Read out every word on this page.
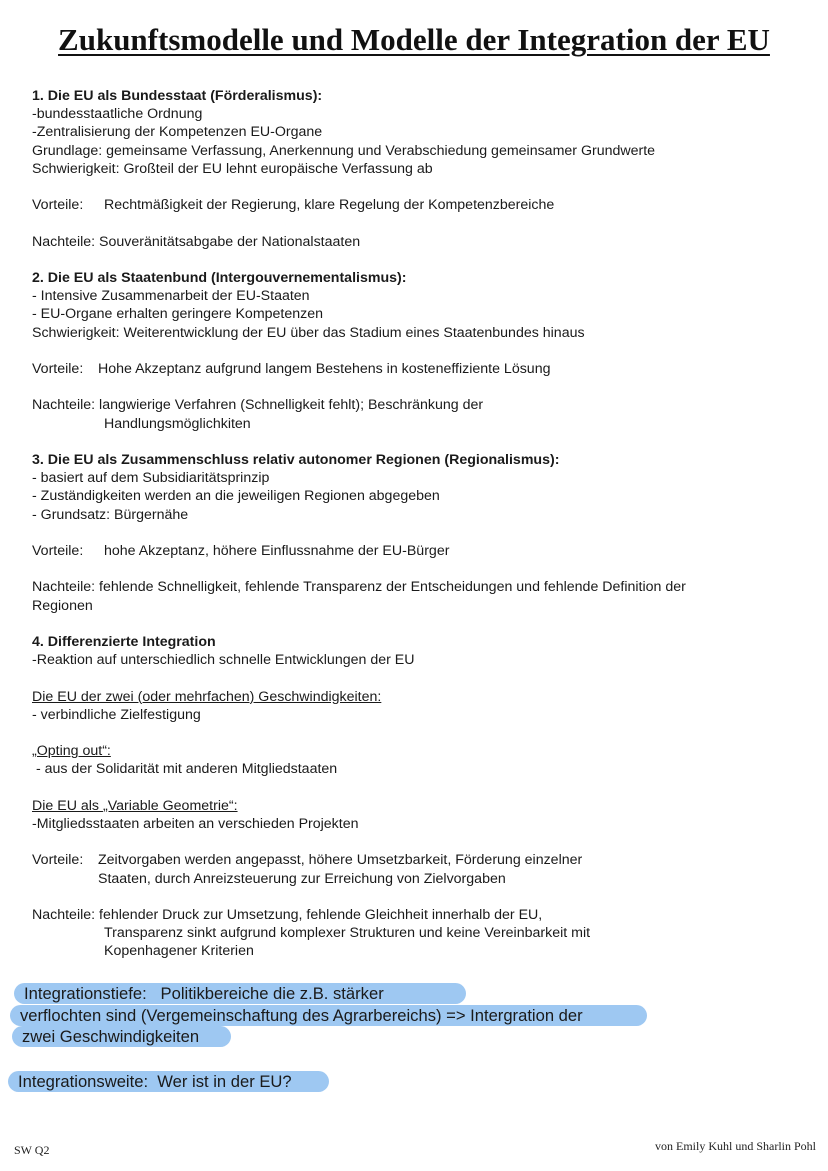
Zukunftsmodelle und Modelle der Integration der EU
1. Die EU als Bundesstaat (Förderalismus):
-bundesstaatliche Ordnung
-Zentralisierung der Kompetenzen EU-Organe
Grundlage: gemeinsame Verfassung, Anerkennung und Verabschiedung gemeinsamer Grundwerte
Schwierigkeit: Großteil der EU lehnt europäische Verfassung ab
Vorteile: Rechtmäßigkeit der Regierung, klare Regelung der Kompetenzbereiche
Nachteile: Souveränitätsabgabe der Nationalstaaten
2. Die EU als Staatenbund (Intergouvernementalismus):
- Intensive Zusammenarbeit der EU-Staaten
- EU-Organe erhalten geringere Kompetenzen
Schwierigkeit: Weiterentwicklung der EU über das Stadium eines Staatenbundes hinaus
Vorteile: Hohe Akzeptanz aufgrund langem Bestehens in kosteneffiziente Lösung
Nachteile: langwierige Verfahren (Schnelligkeit fehlt); Beschränkung der
Handlungsmöglichkiten
3. Die EU als Zusammenschluss relativ autonomer Regionen (Regionalismus):
- basiert auf dem Subsidiaritätsprinzip
- Zuständigkeiten werden an die jeweiligen Regionen abgegeben
- Grundsatz: Bürgernähe
Vorteile: hohe Akzeptanz, höhere Einflussnahme der EU-Bürger
Nachteile: fehlende Schnelligkeit, fehlende Transparenz der Entscheidungen und fehlende Definition der
Regionen
4. Differenzierte Integration
-Reaktion auf unterschiedlich schnelle Entwicklungen der EU
Die EU der zwei (oder mehrfachen) Geschwindigkeiten:
- verbindliche Zielfestigung
„Opting out“:
- aus der Solidarität mit anderen Mitgliedstaaten
Die EU als „Variable Geometrie“:
-Mitgliedsstaaten arbeiten an verschieden Projekten
Vorteile: Zeitvorgaben werden angepasst, höhere Umsetzbarkeit, Förderung einzelner
Staaten, durch Anreizsteuerung zur Erreichung von Zielvorgaben
Nachteile: fehlender Druck zur Umsetzung, fehlende Gleichheit innerhalb der EU,
Transparenz sinkt aufgrund komplexer Strukturen und keine Vereinbarkeit mit
Kopenhagener Kriterien
Integrationstiefe: Politikbereiche die z.B. stärker
verflochten sind (Vergemeinschaftung des Agrarbereichs) => Intergration der
zwei Geschwindigkeiten
Integrationsweite: Wer ist in der EU?
SW Q2	von Emily Kuhl und Sharlin Pohl
